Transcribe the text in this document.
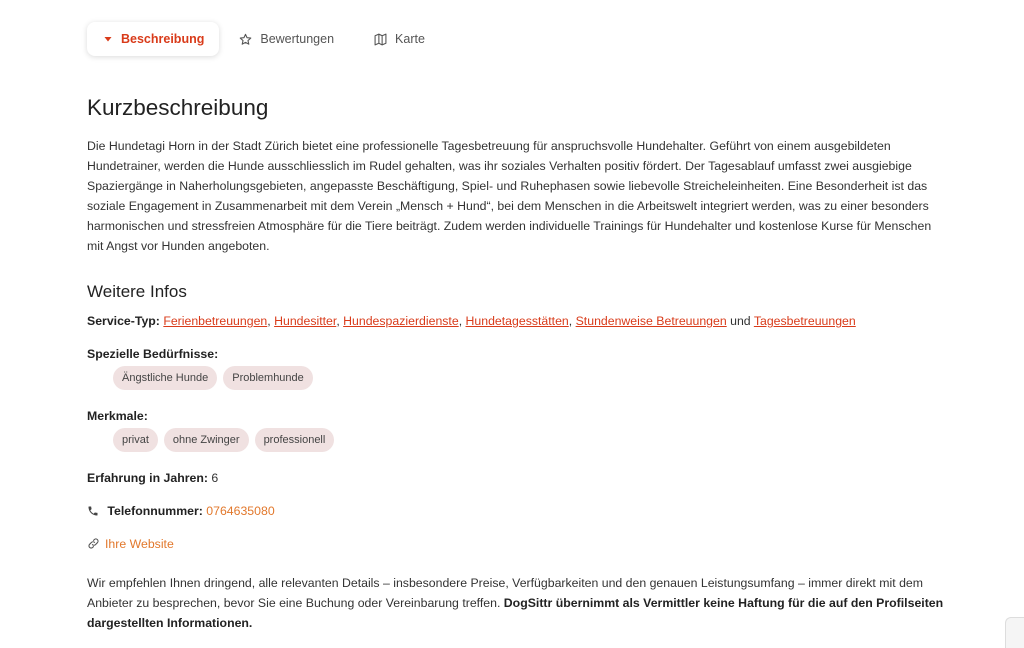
Beschreibung	Bewertungen	Karte
Kurzbeschreibung

Die Hundetagi Horn in der Stadt Zürich bietet eine professionelle Tagesbetreuung für anspruchsvolle Hundehalter. Geführt von einem ausgebildeten Hundetrainer, werden die Hunde ausschliesslich im Rudel gehalten, was ihr soziales Verhalten positiv fördert. Der Tagesablauf umfasst zwei ausgiebige Spaziergänge in Naherholungsgebieten, angepasste Beschäftigung, Spiel- und Ruhephasen sowie liebevolle Streicheleinheiten. Eine Besonderheit ist das soziale Engagement in Zusammenarbeit mit dem Verein „Mensch + Hund“, bei dem Menschen in die Arbeitswelt integriert werden, was zu einer besonders harmonischen und stressfreien Atmosphäre für die Tiere beiträgt. Zudem werden individuelle Trainings für Hundehalter und kostenlose Kurse für Menschen mit Angst vor Hunden angeboten.

Weitere Infos
Service-Typ: Ferienbetreuungen, Hundesitter, Hundespazierdienste, Hundetagesstätten, Stundenweise Betreuungen und Tagesbetreuungen
Spezielle Bedürfnisse:
Ängstliche Hunde	Problemhunde
Merkmale:
privat	ohne Zwinger	professionell
Erfahrung in Jahren: 6
Telefonnummer: 0764635080
Ihre Website

Wir empfehlen Ihnen dringend, alle relevanten Details – insbesondere Preise, Verfügbarkeiten und den genauen Leistungsumfang – immer direkt mit dem Anbieter zu besprechen, bevor Sie eine Buchung oder Vereinbarung treffen. DogSittr übernimmt als Vermittler keine Haftung für die auf den Profilseiten dargestellten Informationen.
